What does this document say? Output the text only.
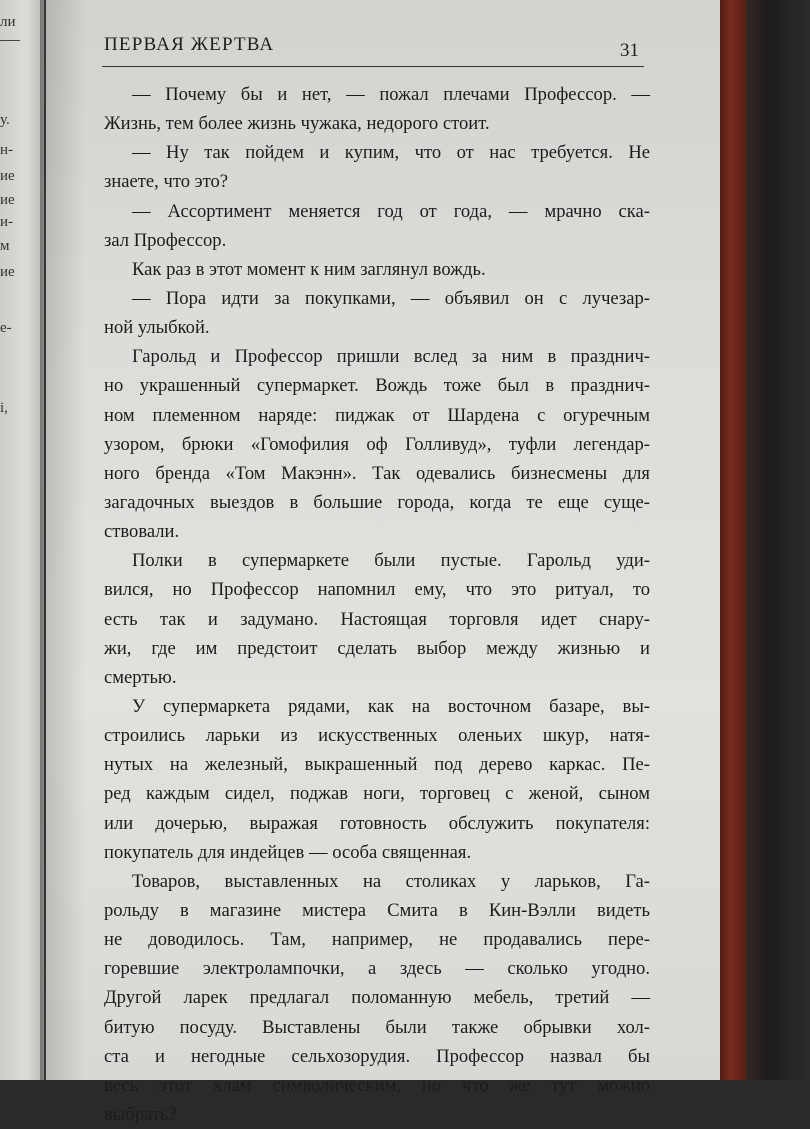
ли
у.
н-
ие
ие
и-
м
ие
е-
i,
ПЕРВАЯ ЖЕРТВА	31
— Почему бы и нет, — пожал плечами Профессор. —
Жизнь, тем более жизнь чужака, недорого стоит.
— Ну так пойдем и купим, что от нас требуется. Не
знаете, что это?
— Ассортимент меняется год от года, — мрачно ска-
зал Профессор.
Как раз в этот момент к ним заглянул вождь.
— Пора идти за покупками, — объявил он с лучезар-
ной улыбкой.
Гарольд и Профессор пришли вслед за ним в празднич-
но украшенный супермаркет. Вождь тоже был в празднич-
ном племенном наряде: пиджак от Шардена с огуречным
узором, брюки «Гомофилия оф Голливуд», туфли легендар-
ного бренда «Том Макэнн». Так одевались бизнесмены для
загадочных выездов в большие города, когда те еще суще-
ствовали.
Полки в супермаркете были пустые. Гарольд уди-
вился, но Профессор напомнил ему, что это ритуал, то
есть так и задумано. Настоящая торговля идет снару-
жи, где им предстоит сделать выбор между жизнью и
смертью.
У супермаркета рядами, как на восточном базаре, вы-
строились ларьки из искусственных оленьих шкур, натя-
нутых на железный, выкрашенный под дерево каркас. Пе-
ред каждым сидел, поджав ноги, торговец с женой, сыном
или дочерью, выражая готовность обслужить покупателя:
покупатель для индейцев — особа священная.
Товаров, выставленных на столиках у ларьков, Га-
рольду в магазине мистера Смита в Кин-Вэлли видеть
не доводилось. Там, например, не продавались пере-
горевшие электролампочки, а здесь — сколько угодно.
Другой ларек предлагал поломанную мебель, третий —
битую посуду. Выставлены были также обрывки хол-
ста и негодные сельхозорудия. Профессор назвал бы
весь этот хлам символическим, но что же тут можно
выбрать?
